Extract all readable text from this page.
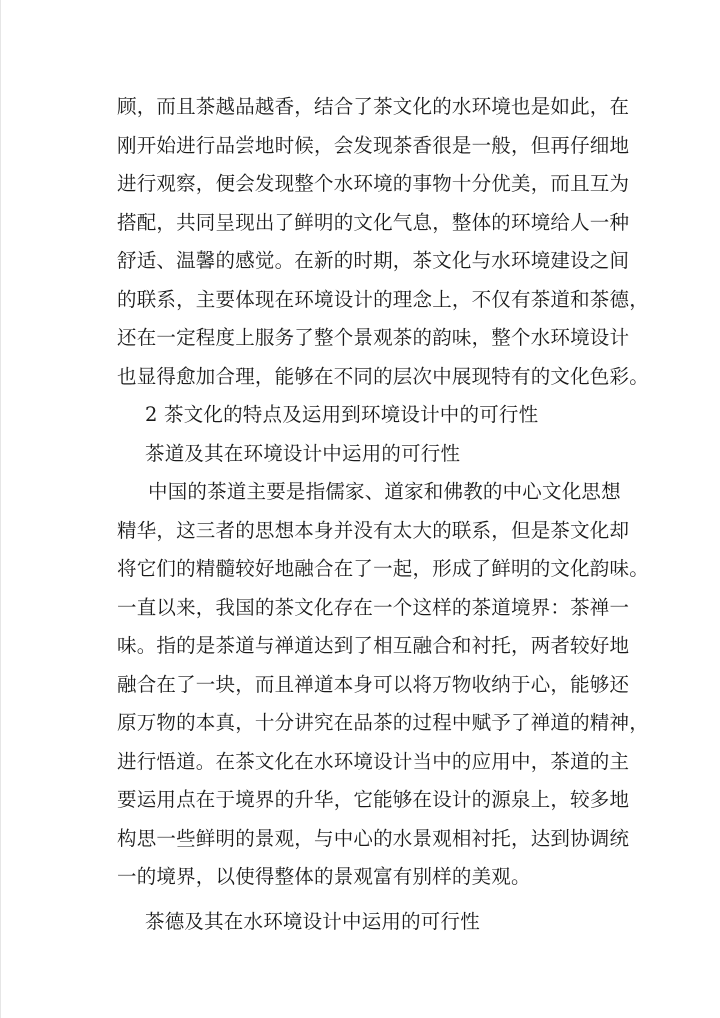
顾，而且茶越品越香，结合了茶文化的水环境也是如此，在
刚开始进行品尝地时候，会发现茶香很是一般，但再仔细地
进行观察，便会发现整个水环境的事物十分优美，而且互为
搭配，共同呈现出了鲜明的文化气息，整体的环境给人一种
舒适、温馨的感觉。在新的时期，茶文化与水环境建设之间
的联系，主要体现在环境设计的理念上，不仅有茶道和茶德，
还在一定程度上服务了整个景观茶的韵味，整个水环境设计
也显得愈加合理，能够在不同的层次中展现特有的文化色彩。
2 茶文化的特点及运用到环境设计中的可行性
茶道及其在环境设计中运用的可行性
中国的茶道主要是指儒家、道家和佛教的中心文化思想
精华，这三者的思想本身并没有太大的联系，但是茶文化却
将它们的精髓较好地融合在了一起，形成了鲜明的文化韵味。
一直以来，我国的茶文化存在一个这样的茶道境界：茶禅一
味。指的是茶道与禅道达到了相互融合和衬托，两者较好地
融合在了一块，而且禅道本身可以将万物收纳于心，能够还
原万物的本真，十分讲究在品茶的过程中赋予了禅道的精神，
进行悟道。在茶文化在水环境设计当中的应用中，茶道的主
要运用点在于境界的升华，它能够在设计的源泉上，较多地
构思一些鲜明的景观，与中心的水景观相衬托，达到协调统
一的境界，以使得整体的景观富有别样的美观。
茶德及其在水环境设计中运用的可行性
